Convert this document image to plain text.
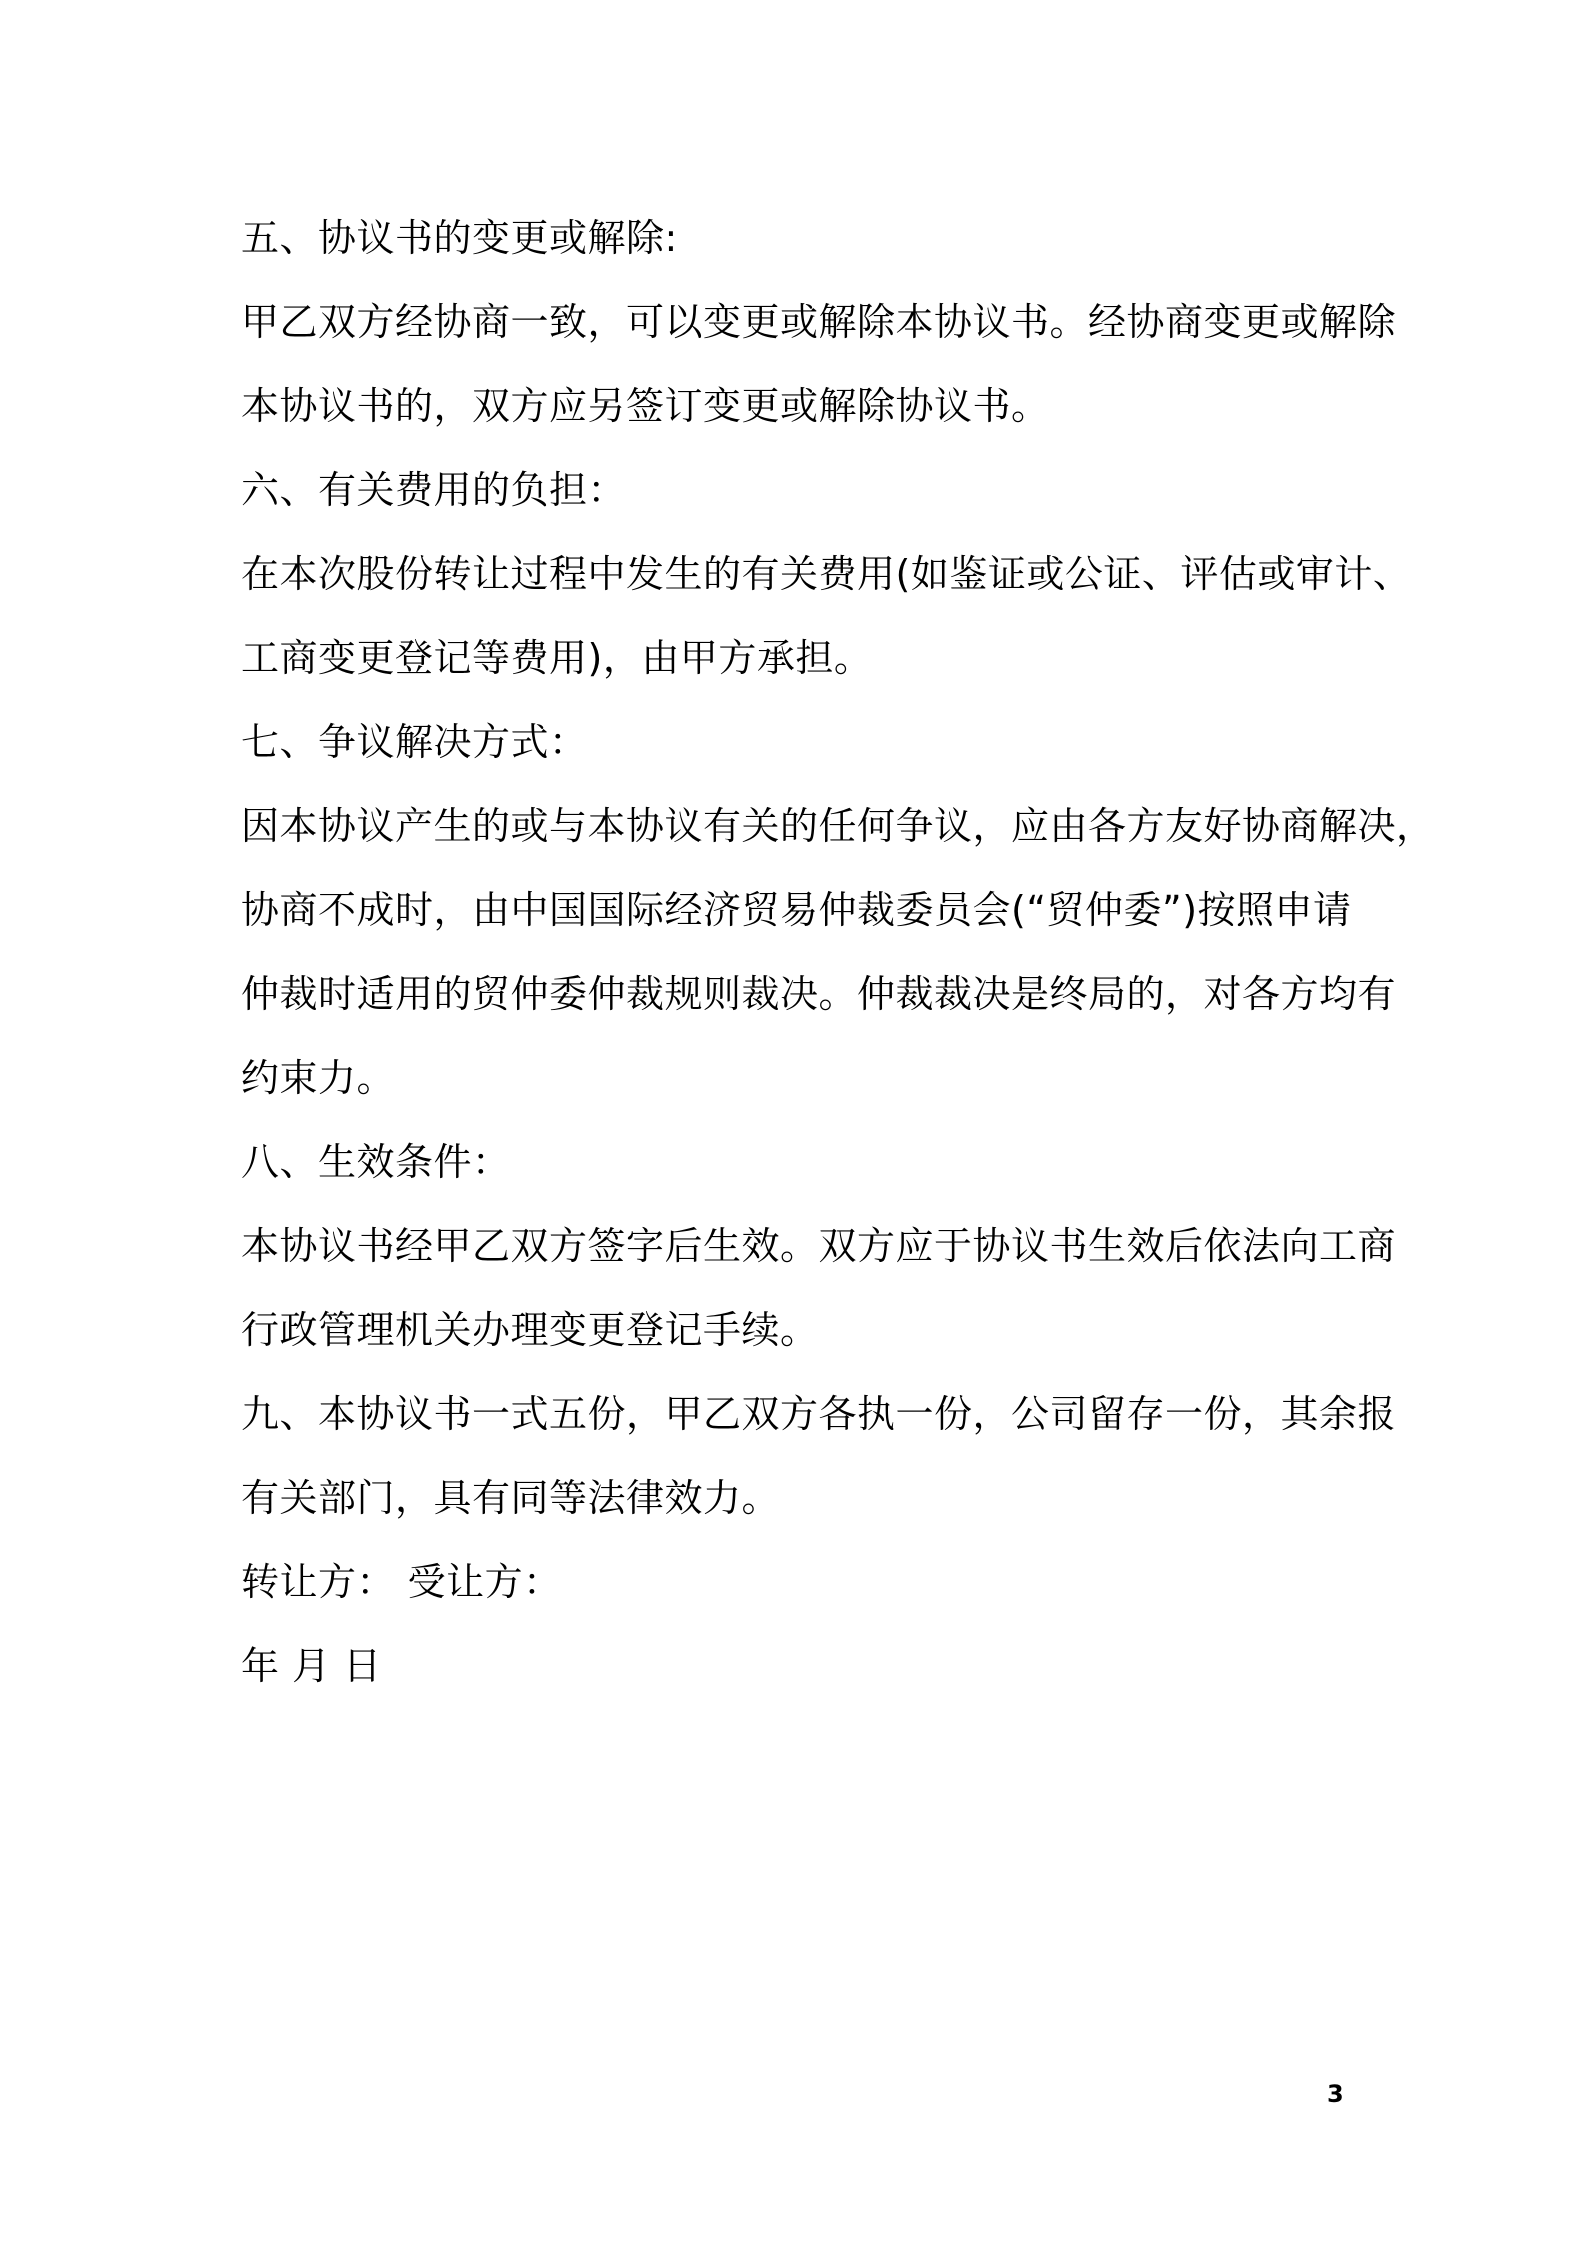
五、协议书的变更或解除:
甲乙双方经协商一致，可以变更或解除本协议书。经协商变更或解除
本协议书的，双方应另签订变更或解除协议书。
六、有关费用的负担：
在本次股份转让过程中发生的有关费用(如鉴证或公证、评估或审计、
工商变更登记等费用)，由甲方承担。
七、争议解决方式：
因本协议产生的或与本协议有关的任何争议，应由各方友好协商解决，
协商不成时，由中国国际经济贸易仲裁委员会(“贸仲委”)按照申请
仲裁时适用的贸仲委仲裁规则裁决。仲裁裁决是终局的，对各方均有
约束力。
八、生效条件：
本协议书经甲乙双方签字后生效。双方应于协议书生效后依法向工商
行政管理机关办理变更登记手续。
九、本协议书一式五份，甲乙双方各执一份，公司留存一份，其余报
有关部门，具有同等法律效力。
转让方： 受让方：
年 月 日
3
